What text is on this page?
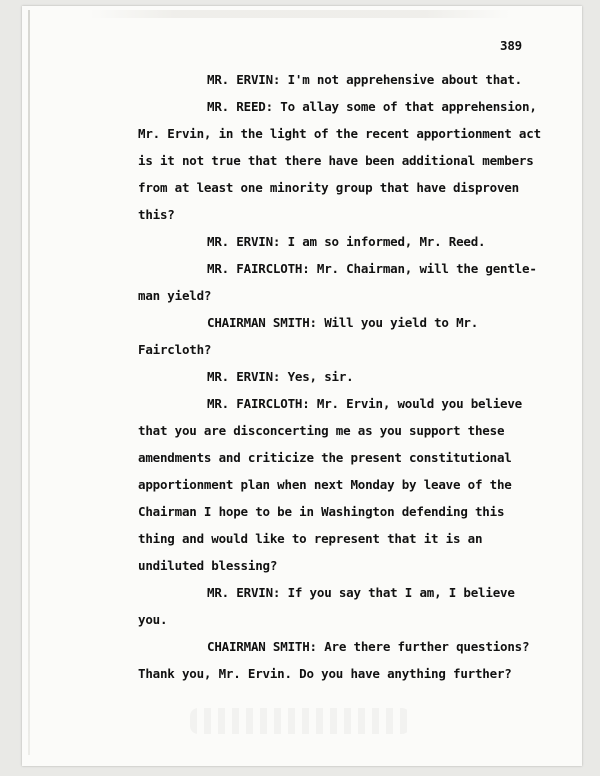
389
MR. ERVIN: I'm not apprehensive about that.
MR. REED: To allay some of that apprehension,
Mr. Ervin, in the light of the recent apportionment act
is it not true that there have been additional members
from at least one minority group that have disproven
this?
MR. ERVIN: I am so informed, Mr. Reed.
MR. FAIRCLOTH: Mr. Chairman, will the gentle-
man yield?
CHAIRMAN SMITH: Will you yield to Mr.
Faircloth?
MR. ERVIN: Yes, sir.
MR. FAIRCLOTH: Mr. Ervin, would you believe
that you are disconcerting me as you support these
amendments and criticize the present constitutional
apportionment plan when next Monday by leave of the
Chairman I hope to be in Washington defending this
thing and would like to represent that it is an
undiluted blessing?
MR. ERVIN: If you say that I am, I believe
you.
CHAIRMAN SMITH: Are there further questions?
Thank you, Mr. Ervin. Do you have anything further?
